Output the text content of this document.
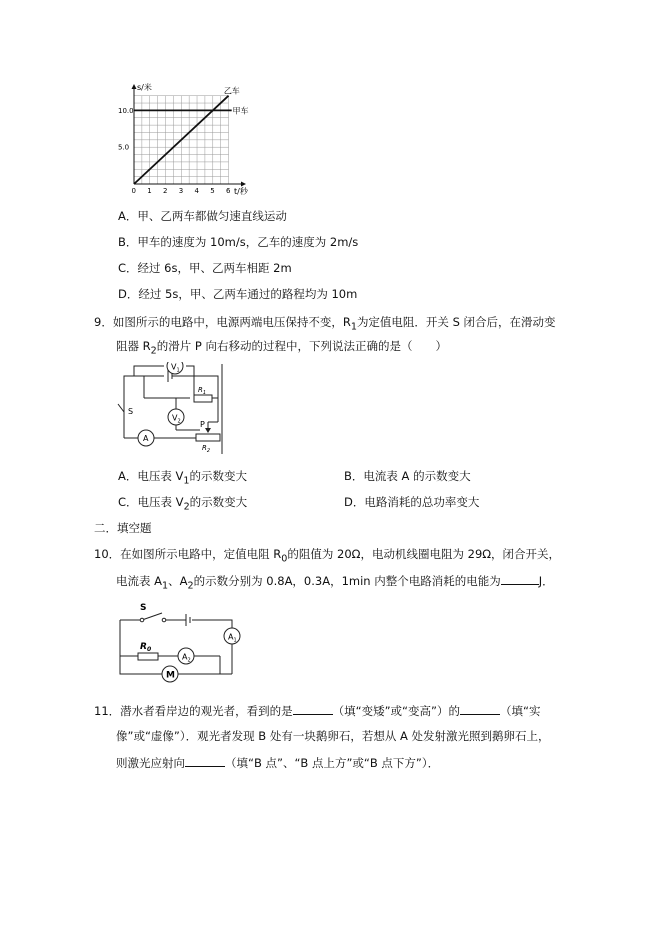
0 1 2 3 4 5 6
5.0
10.0
s/米
t/秒
乙车
甲车
A．甲、乙两车都做匀速直线运动
B．甲车的速度为 10m/s，乙车的速度为 2m/s
C．经过 6s，甲、乙两车相距 2m
D．经过 5s，甲、乙两车通过的路程均为 10m
9．如图所示的电路中，电源两端电压保持不变，$R_1$为定值电阻．开关 S 闭合后，在滑动变
阻器 $R_2$的滑片 P 向右移动的过程中，下列说法正确的是（　　）
$V_1$
$V_2$
A
S
$R_1$
P
$R_2$
A．电压表 $V_1$的示数变大	B．电流表 A 的示数变大
C．电压表 $V_2$的示数变大	D．电路消耗的总功率变大
二．填空题
10．在如图所示电路中，定值电阻 $R_0$的阻值为 20Ω，电动机线圈电阻为 29Ω，闭合开关，
电流表 $A_1$、$A_2$的示数分别为 0.8A，0.3A，1min 内整个电路消耗的电能为	J．
S
$A_1$
$A_2$
$R_0$
M
11．潜水者看岸边的观光者，看到的是	（填“变矮”或“变高”）的	（填“实
像”或“虚像”）．观光者发现 B 处有一块鹅卵石，若想从 A 处发射激光照到鹅卵石上，
则激光应射向	（填“B 点”、“B 点上方”或“B 点下方”）．
